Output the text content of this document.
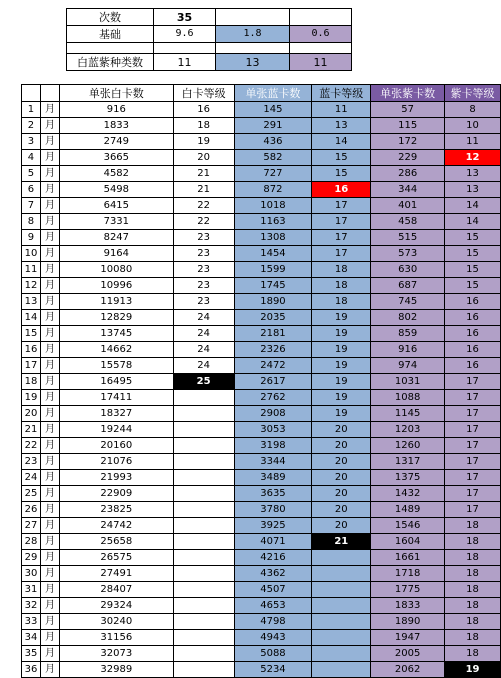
次数	35		
基础	9.6	1.8	0.6

白蓝紫种类数	11	13	11
		单张白卡数	白卡等级	单张蓝卡数	蓝卡等级	单张紫卡数	紫卡等级
1	月	916	16	145	11	57	8
2	月	1833	18	291	13	115	10
3	月	2749	19	436	14	172	11
4	月	3665	20	582	15	229	12
5	月	4582	21	727	15	286	13
6	月	5498	21	872	16	344	13
7	月	6415	22	1018	17	401	14
8	月	7331	22	1163	17	458	14
9	月	8247	23	1308	17	515	15
10	月	9164	23	1454	17	573	15
11	月	10080	23	1599	18	630	15
12	月	10996	23	1745	18	687	15
13	月	11913	23	1890	18	745	16
14	月	12829	24	2035	19	802	16
15	月	13745	24	2181	19	859	16
16	月	14662	24	2326	19	916	16
17	月	15578	24	2472	19	974	16
18	月	16495	25	2617	19	1031	17
19	月	17411		2762	19	1088	17
20	月	18327		2908	19	1145	17
21	月	19244		3053	20	1203	17
22	月	20160		3198	20	1260	17
23	月	21076		3344	20	1317	17
24	月	21993		3489	20	1375	17
25	月	22909		3635	20	1432	17
26	月	23825		3780	20	1489	17
27	月	24742		3925	20	1546	18
28	月	25658		4071	21	1604	18
29	月	26575		4216		1661	18
30	月	27491		4362		1718	18
31	月	28407		4507		1775	18
32	月	29324		4653		1833	18
33	月	30240		4798		1890	18
34	月	31156		4943		1947	18
35	月	32073		5088		2005	18
36	月	32989		5234		2062	19
